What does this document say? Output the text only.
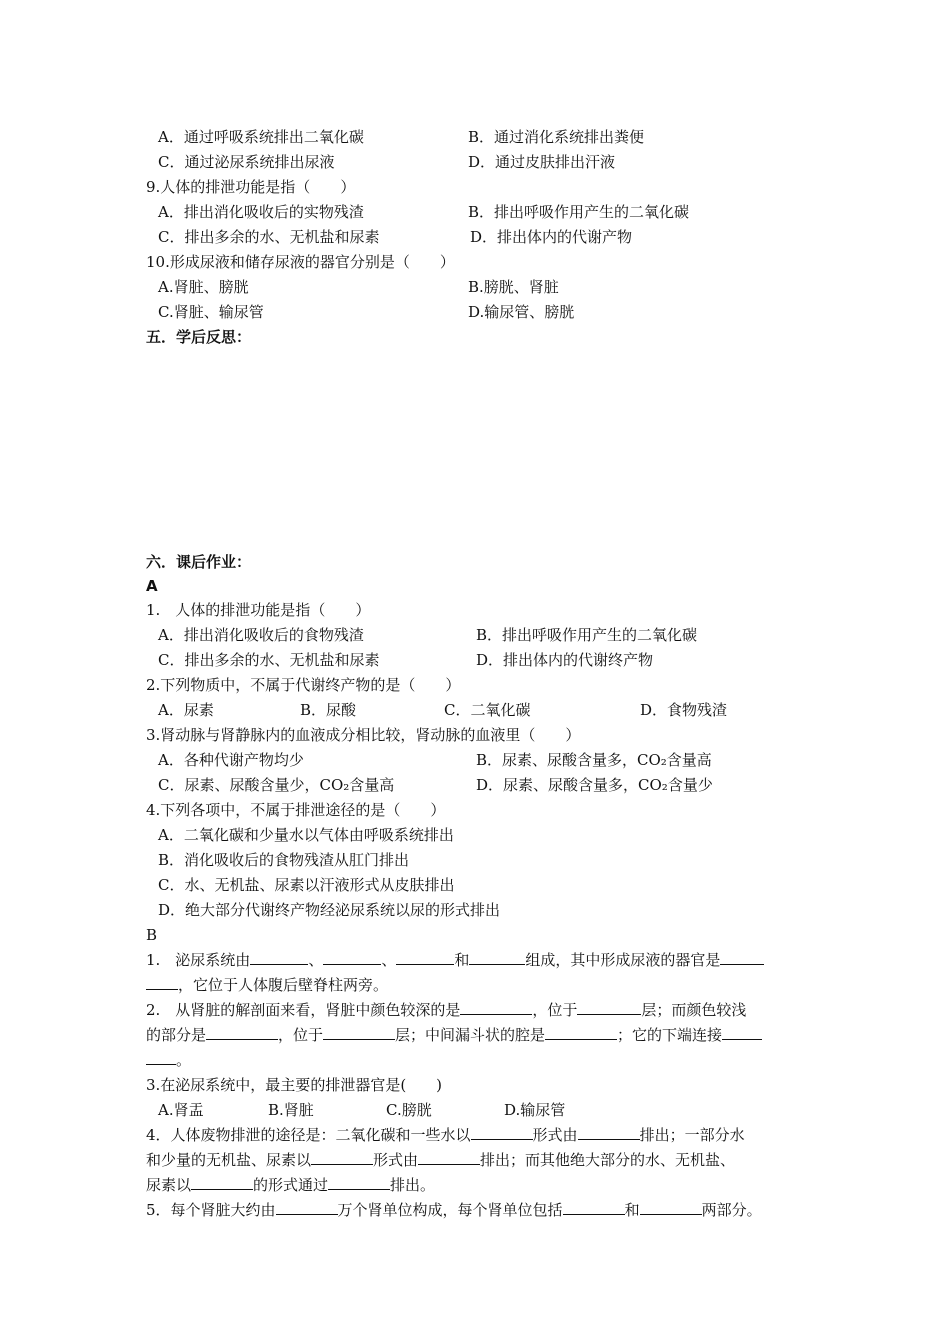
A．通过呼吸系统排出二氧化碳	B．通过消化系统排出粪便
C．通过泌尿系统排出尿液	D．通过皮肤排出汗液
9.人体的排泄功能是指（　　）
A．排出消化吸收后的实物残渣	B．排出呼吸作用产生的二氧化碳
C．排出多余的水、无机盐和尿素	D．排出体内的代谢产物
10.形成尿液和储存尿液的器官分别是（　　）
A.肾脏、膀胱	B.膀胱、肾脏
C.肾脏、输尿管	D.输尿管、膀胱
五．学后反思：
六．课后作业：
A
1.　人体的排泄功能是指（　　）
A．排出消化吸收后的食物残渣	B．排出呼吸作用产生的二氧化碳
C．排出多余的水、无机盐和尿素	D．排出体内的代谢终产物
2.下列物质中，不属于代谢终产物的是（　　）
A．尿素	B．尿酸	C．二氧化碳	D．食物残渣
3.肾动脉与肾静脉内的血液成分相比较，肾动脉的血液里（　　）
A．各种代谢产物均少	B．尿素、尿酸含量多，CO₂含量高
C．尿素、尿酸含量少，CO₂含量高	D．尿素、尿酸含量多，CO₂含量少
4.下列各项中，不属于排泄途径的是（　　）
A．二氧化碳和少量水以气体由呼吸系统排出
B．消化吸收后的食物残渣从肛门排出
C．水、无机盐、尿素以汗液形式从皮肤排出
D．绝大部分代谢终产物经泌尿系统以尿的形式排出
B
1.　泌尿系统由	、	、	和	组成，其中形成尿液的器官是
，它位于人体腹后壁脊柱两旁。
2.　从肾脏的解剖面来看，肾脏中颜色较深的是	，位于	层；而颜色较浅
的部分是	，位于	层；中间漏斗状的腔是	；它的下端连接
。
3.在泌尿系统中，最主要的排泄器官是(　　)
A.肾盂	B.肾脏	C.膀胱	D.输尿管
4．人体废物排泄的途径是：二氧化碳和一些水以	形式由	排出；一部分水
和少量的无机盐、尿素以	形式由	排出；而其他绝大部分的水、无机盐、
尿素以	的形式通过	排出。
5．每个肾脏大约由	万个肾单位构成，每个肾单位包括	和	两部分。
